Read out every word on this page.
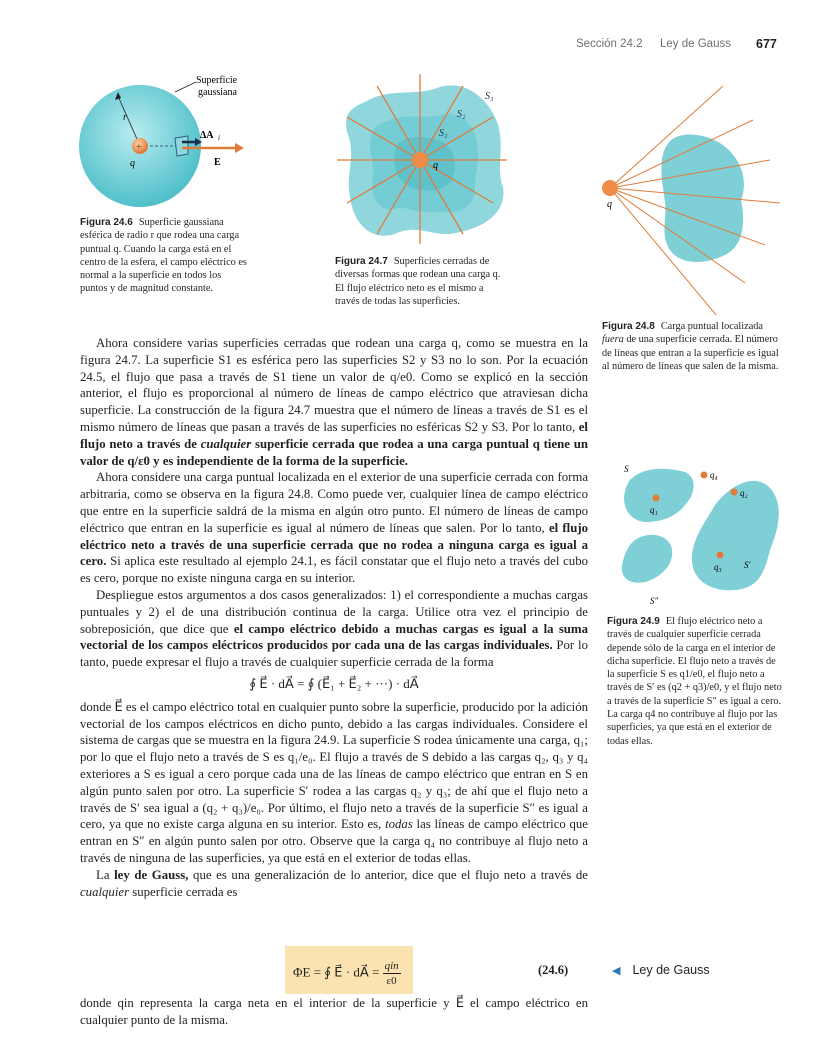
Sección 24.2 Ley de Gauss 677
+
Superficie
gaussiana
r
q
ΔA i
E
Figura 24.6 Superficie gaussiana esférica de radio r que rodea una carga puntual q. Cuando la carga está en el centro de la esfera, el campo eléctrico es normal a la superficie en todos los puntos y de magnitud constante.
S₃
S₂
S₁
q
Figura 24.7 Superficies cerradas de diversas formas que rodean una carga q. El flujo eléctrico neto es el mismo a través de todas las superficies.
q
Figura 24.8 Carga puntual localizada fuera de una superficie cerrada. El número de líneas que entran a la superficie es igual al número de líneas que salen de la misma.
S
q₄
q₂
q₁
q₃ S′
S″
Figura 24.9 El flujo eléctrico neto a través de cualquier superficie cerrada depende sólo de la carga en el interior de dicha superficie. El flujo neto a través de la superficie S es q1/e0, el flujo neto a través de S′ es (q2 + q3)/e0, y el flujo neto a través de la superficie S″ es igual a cero. La carga q4 no contribuye al flujo por las superficies, ya que está en el exterior de todas ellas.

Ahora considere varias superficies cerradas que rodean una carga q, como se muestra en la figura 24.7. La superficie S1 es esférica pero las superficies S2 y S3 no lo son. Por la ecuación 24.5, el flujo que pasa a través de S1 tiene un valor de q/e0. Como se explicó en la sección anterior, el flujo es proporcional al número de líneas de campo eléctrico que atraviesan dicha superficie. La construcción de la figura 24.7 muestra que el número de líneas a través de S1 es el mismo número de líneas que pasan a través de las superficies no esféricas S2 y S3. Por lo tanto, el flujo neto a través de cualquier superficie cerrada que rodea a una carga puntual q tiene un valor de q/ε0 y es independiente de la forma de la superficie.

Ahora considere una carga puntual localizada en el exterior de una superficie cerrada con forma arbitraria, como se observa en la figura 24.8. Como puede ver, cualquier línea de campo eléctrico que entre en la superficie saldrá de la misma en algún otro punto. El número de líneas de campo eléctrico que entran en la superficie es igual al número de líneas que salen. Por lo tanto, el flujo eléctrico neto a través de una superficie cerrada que no rodea a ninguna carga es igual a cero. Si aplica este resultado al ejemplo 24.1, es fácil constatar que el flujo neto a través del cubo es cero, porque no existe ninguna carga en su interior.

Despliegue estos argumentos a dos casos generalizados: 1) el correspondiente a muchas cargas puntuales y 2) el de una distribución continua de la carga. Utilice otra vez el principio de sobreposición, que dice que el campo eléctrico debido a muchas cargas es igual a la suma vectorial de los campos eléctricos producidos por cada una de las cargas individuales. Por lo tanto, puede expresar el flujo a través de cualquier superficie cerrada de la forma

∮ E⃗ · dA⃗ = ∮ (E⃗₁ + E⃗₂ + ···) · dA⃗

donde E⃗ es el campo eléctrico total en cualquier punto sobre la superficie, producido por la adición vectorial de los campos eléctricos en dicho punto, debido a las cargas individuales. Considere el sistema de cargas que se muestra en la figura 24.9. La superficie S rodea únicamente una carga, q₁; por lo que el flujo neto a través de S es q₁/e₀. El flujo a través de S debido a las cargas q₂, q₃ y q₄ exteriores a S es igual a cero porque cada una de las líneas de campo eléctrico que entran en S en algún punto salen por otro. La superficie S′ rodea a las cargas q₂ y q₃; de ahí que el flujo neto a través de S′ sea igual a (q₂ + q₃)/e₀. Por último, el flujo neto a través de la superficie S″ es igual a cero, ya que no existe carga alguna en su interior. Esto es, todas las líneas de campo eléctrico que entran en S″ en algún punto salen por otro. Observe que la carga q₄ no contribuye al flujo neto a través de ninguna de las superficies, ya que está en el exterior de todas ellas.

La ley de Gauss, que es una generalización de lo anterior, dice que el flujo neto a través de cualquier superficie cerrada es

ΦE = ∮ E⃗ · dA⃗ = $\frac{\text{qin}}{\varepsilon 0}$	(24.6)	◀ Ley de Gauss

donde qin representa la carga neta en el interior de la superficie y E⃗ el campo eléctrico en cualquier punto de la misma.
